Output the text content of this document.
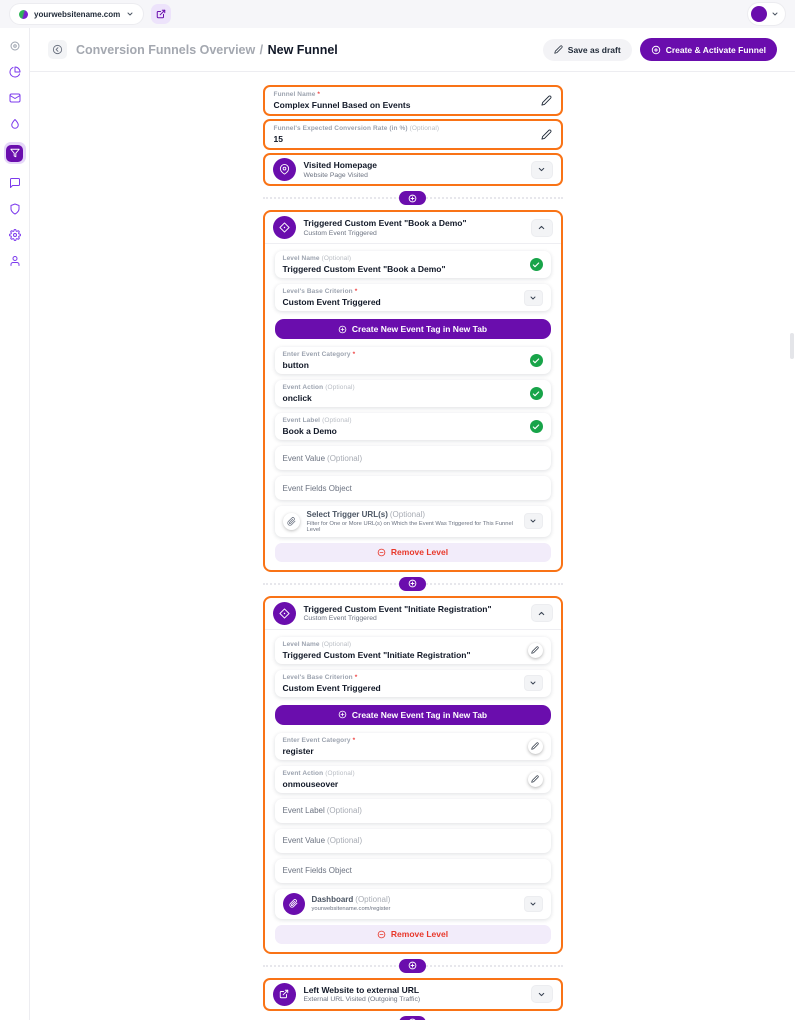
yourwebsitename.com
Conversion Funnels Overview / New Funnel	Save as draft	Create & Activate Funnel
Funnel Name *
Complex Funnel Based on Events
Funnel's Expected Conversion Rate (in %) (Optional)
15
Visited Homepage
Website Page Visited
Triggered Custom Event "Book a Demo"
Custom Event Triggered
Level Name (Optional)
Triggered Custom Event "Book a Demo"
Level's Base Criterion *
Custom Event Triggered
Create New Event Tag in New Tab
Enter Event Category *
button
Event Action (Optional)
onclick
Event Label (Optional)
Book a Demo
Event Value (Optional)
Event Fields Object
Select Trigger URL(s) (Optional)
Filter for One or More URL(s) on Which the Event Was Triggered for This Funnel Level
Remove Level
Triggered Custom Event "Initiate Registration"
Custom Event Triggered
Level Name (Optional)
Triggered Custom Event "Initiate Registration"
Level's Base Criterion *
Custom Event Triggered
Create New Event Tag in New Tab
Enter Event Category *
register
Event Action (Optional)
onmouseover
Event Label (Optional)
Event Value (Optional)
Event Fields Object
Dashboard (Optional)
yourwebsitename.com/register
Remove Level
Left Website to external URL
External URL Visited (Outgoing Traffic)
